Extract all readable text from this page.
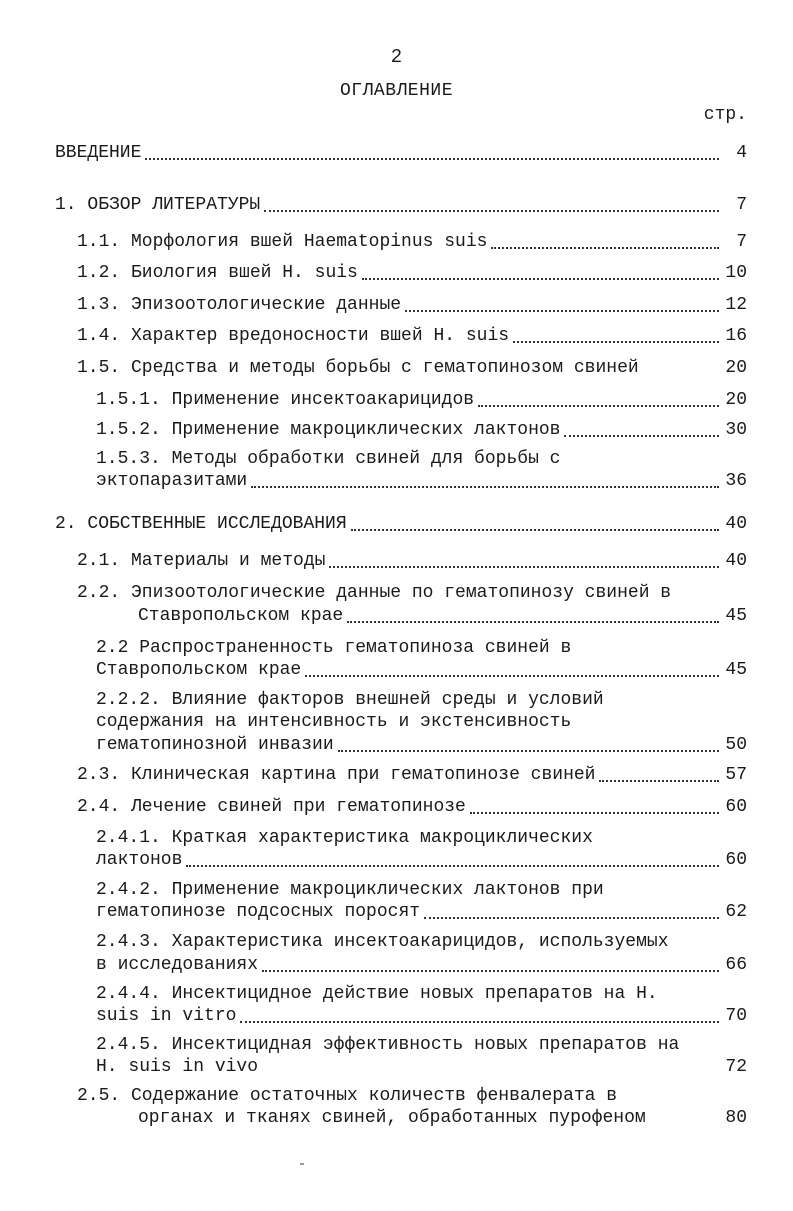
2
ОГЛАВЛЕНИЕ
стр.
ВВЕДЕНИЕ	4
1. ОБЗОР ЛИТЕРАТУРЫ	7
1.1. Морфология вшей Haematopinus suis	7
1.2. Биология вшей H. suis	10
1.3. Эпизоотологические данные	12
1.4. Характер вредоносности вшей H. suis	16
1.5. Средства и методы борьбы с гематопинозом свиней	20
1.5.1. Применение инсектоакарицидов	20
1.5.2. Применение макроциклических лактонов	30
1.5.3. Методы обработки свиней для борьбы с
эктопаразитами	36
2. СОБСТВЕННЫЕ ИССЛЕДОВАНИЯ	40
2.1. Материалы и методы	40
2.2. Эпизоотологические данные по гематопинозу свиней в
Ставропольском крае	45
2.2 Распространенность гематопиноза свиней в
Ставропольском крае	45
2.2.2. Влияние факторов внешней среды и условий
содержания на интенсивность и экстенсивность
гематопинозной инвазии	50
2.3. Клиническая картина при гематопинозе свиней	57
2.4. Лечение свиней при гематопинозе	60
2.4.1. Краткая характеристика макроциклических
лактонов	60
2.4.2. Применение макроциклических лактонов при
гематопинозе подсосных поросят	62
2.4.3. Характеристика инсектоакарицидов, используемых
в исследованиях	66
2.4.4. Инсектицидное действие новых препаратов на H.
suis in vitro	70
2.4.5. Инсектицидная эффективность новых препаратов на
H. suis in vivo	72
2.5. Содержание остаточных количеств фенвалерата в
органах и тканях свиней, обработанных пурофеном	80
